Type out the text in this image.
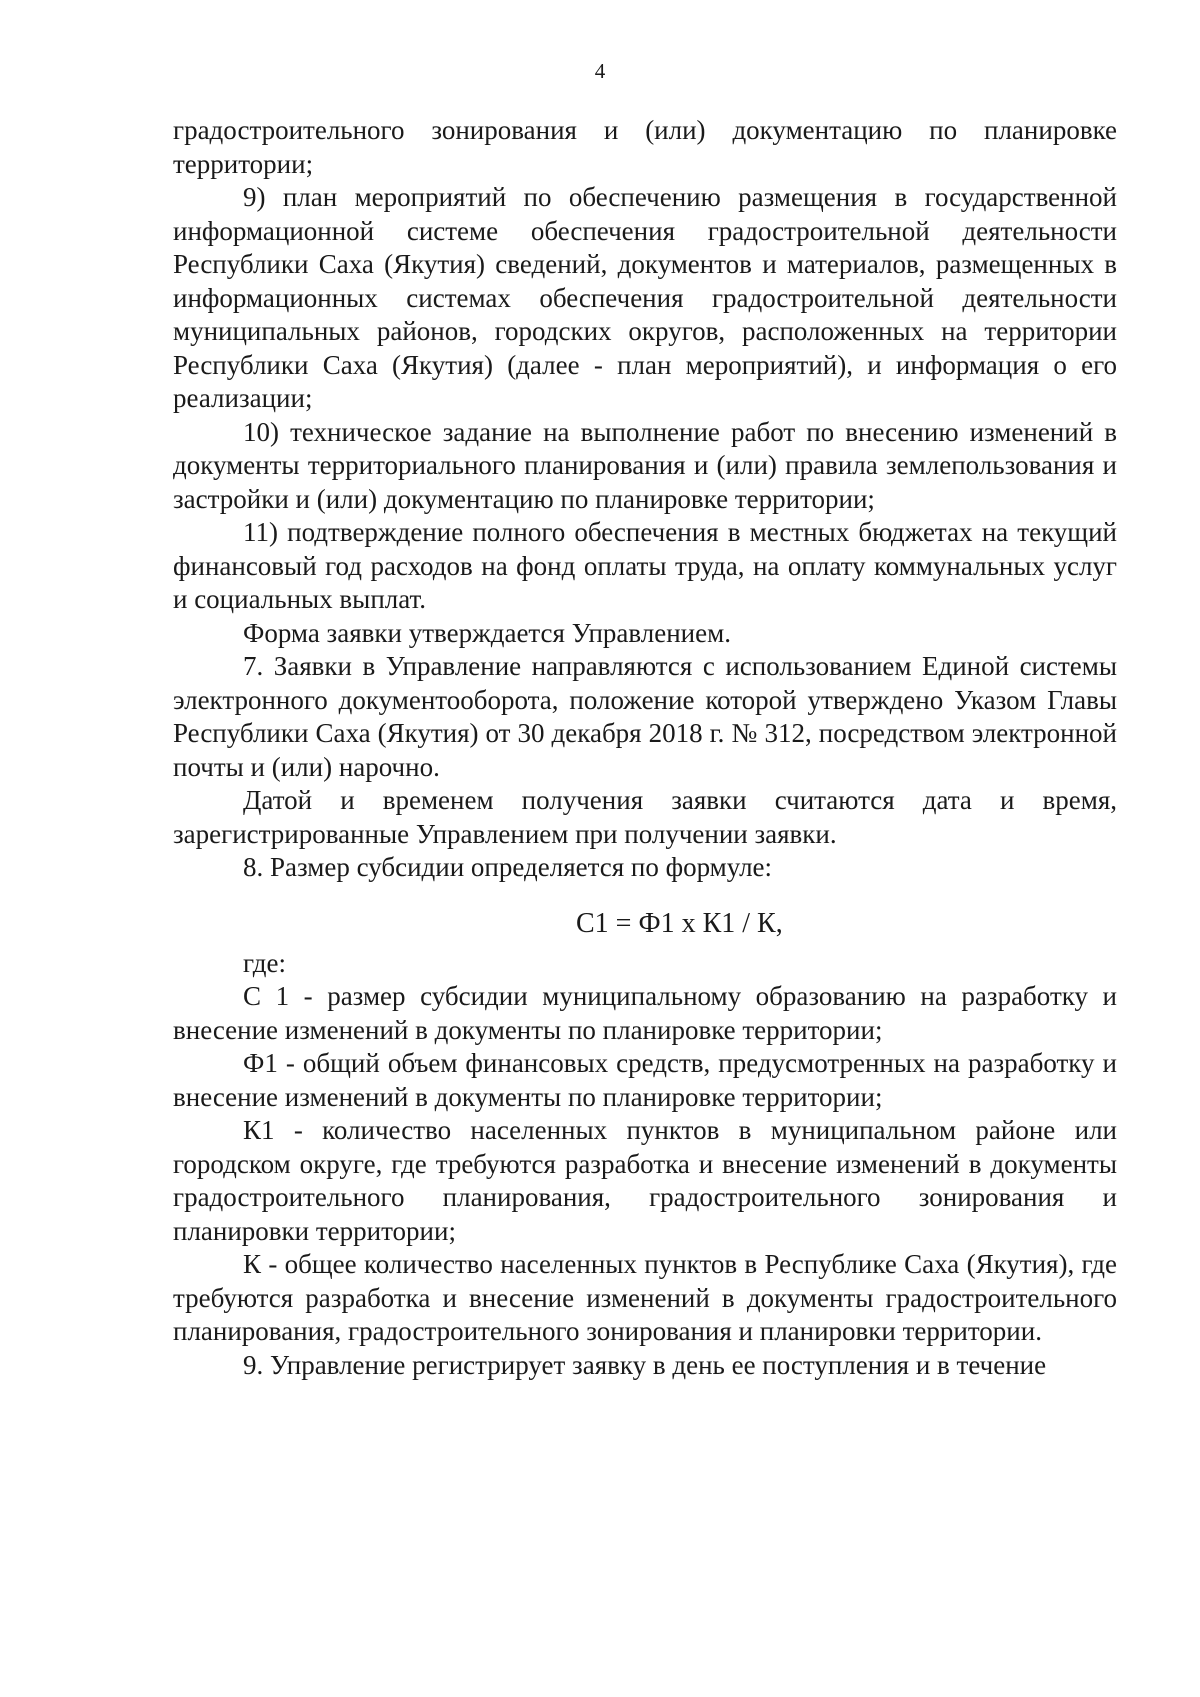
4

градостроительного зонирования и (или) документацию по планировке территории;

9) план мероприятий по обеспечению размещения в государственной информационной системе обеспечения градостроительной деятельности Республики Саха (Якутия) сведений, документов и материалов, размещенных в информационных системах обеспечения градостроительной деятельности муниципальных районов, городских округов, расположенных на территории Республики Саха (Якутия) (далее - план мероприятий), и информация о его реализации;

10) техническое задание на выполнение работ по внесению изменений в документы территориального планирования и (или) правила землепользования и застройки и (или) документацию по планировке территории;

11) подтверждение полного обеспечения в местных бюджетах на текущий финансовый год расходов на фонд оплаты труда, на оплату коммунальных услуг и социальных выплат.

Форма заявки утверждается Управлением.

7. Заявки в Управление направляются с использованием Единой системы электронного документооборота, положение которой утверждено Указом Главы Республики Саха (Якутия) от 30 декабря 2018 г. № 312, посредством электронной почты и (или) нарочно.

Датой и временем получения заявки считаются дата и время, зарегистрированные Управлением при получении заявки.

8. Размер субсидии определяется по формуле:

С1 = Ф1 х К1 / К,

где:

С 1 - размер субсидии муниципальному образованию на разработку и внесение изменений в документы по планировке территории;

Ф1 - общий объем финансовых средств, предусмотренных на разработку и внесение изменений в документы по планировке территории;

К1 - количество населенных пунктов в муниципальном районе или городском округе, где требуются разработка и внесение изменений в документы градостроительного планирования, градостроительного зонирования и планировки территории;

К - общее количество населенных пунктов в Республике Саха (Якутия), где требуются разработка и внесение изменений в документы градостроительного планирования, градостроительного зонирования и планировки территории.

9. Управление регистрирует заявку в день ее поступления и в течение
